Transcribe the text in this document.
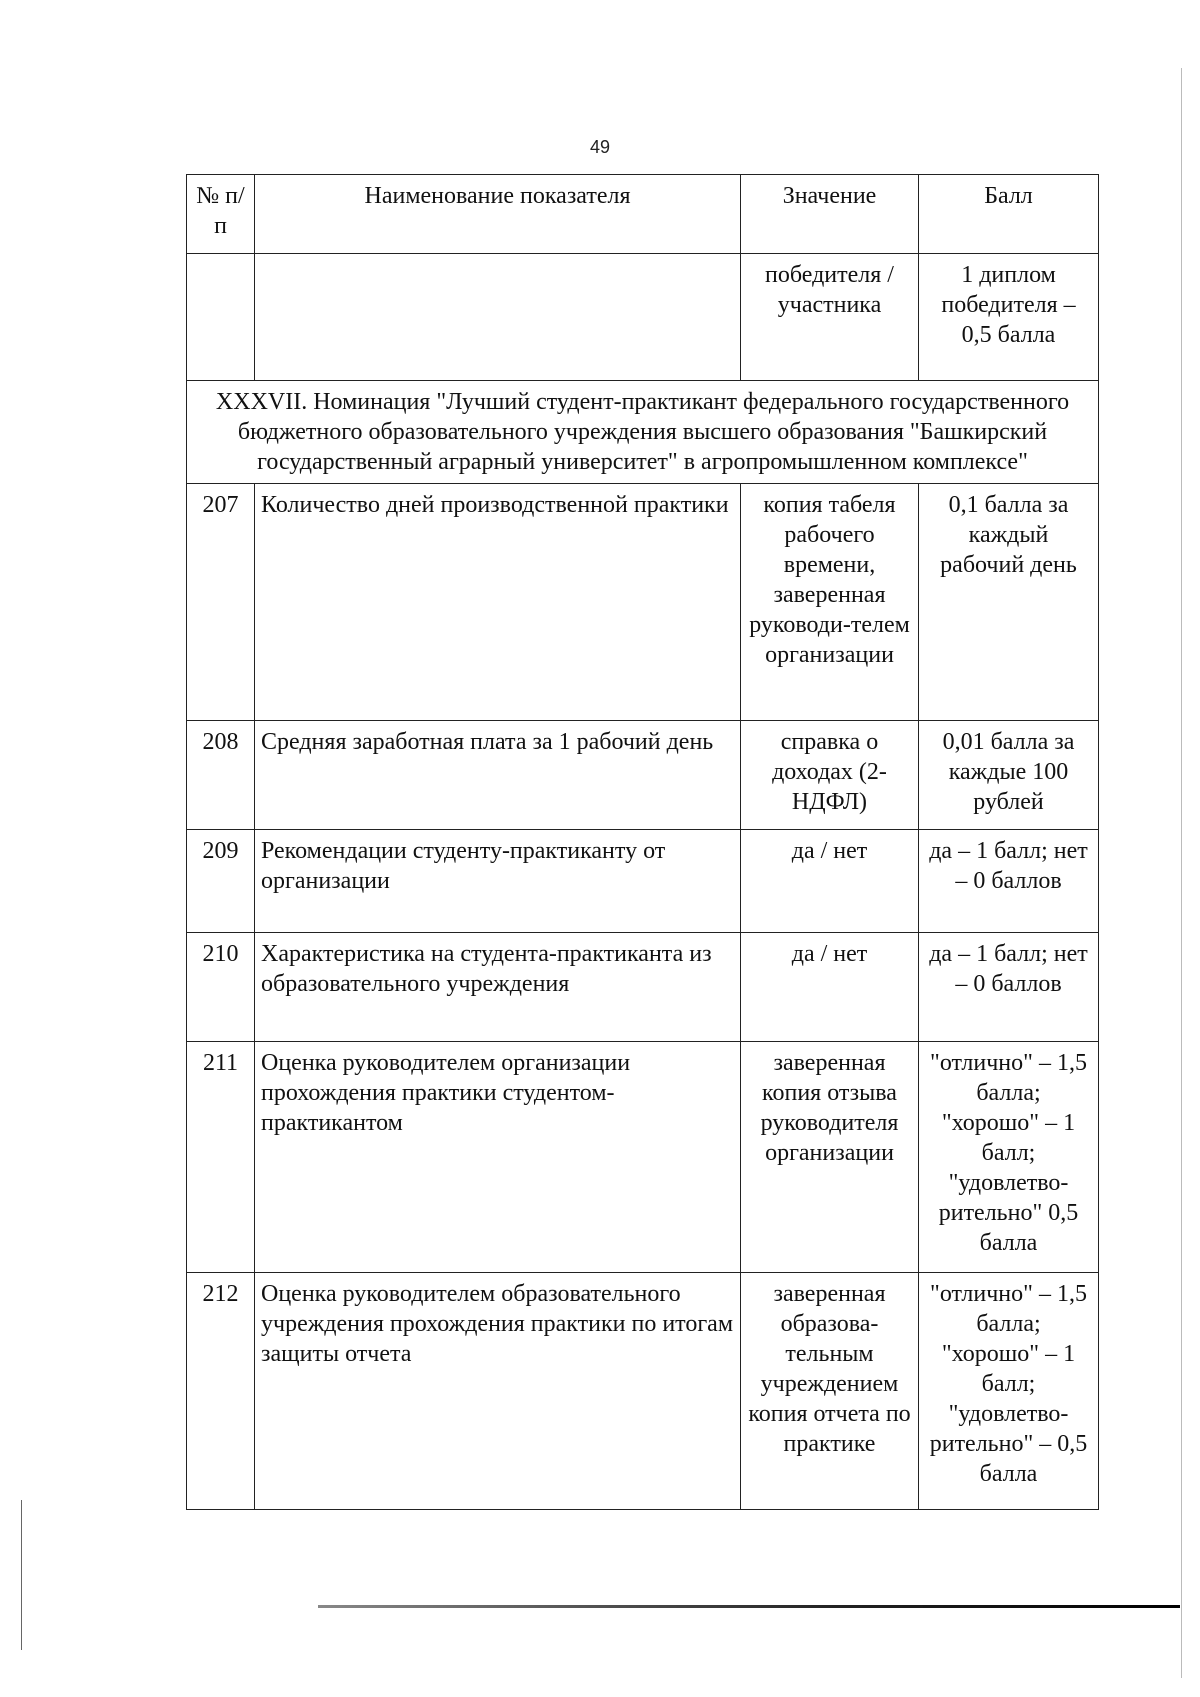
49
№ п/п	Наименование показателя	Значение	Балл
		победителя / участника	1 диплом победителя – 0,5 балла
XXXVII. Номинация "Лучший студент-практикант федерального государственного бюджетного образовательного учреждения высшего образования "Башкирский государственный аграрный университет" в агропромышленном комплексе"			
207	Количество дней производственной практики	копия табеля рабочего времени, заверенная руководи-телем организации	0,1 балла за каждый рабочий день
208	Средняя заработная плата за 1 рабочий день	справка о доходах (2-НДФЛ)	0,01 балла за каждые 100 рублей
209	Рекомендации студенту-практиканту от организации	да / нет	да – 1 балл; нет – 0 баллов
210	Характеристика на студента-практиканта из образовательного учреждения	да / нет	да – 1 балл; нет – 0 баллов
211	Оценка руководителем организации прохождения практики студентом-практикантом	заверенная копия отзыва руководителя организации	"отлично" – 1,5 балла; "хорошо" – 1 балл; "удовлетво-рительно" 0,5 балла
212	Оценка руководителем образовательного учреждения прохождения практики по итогам защиты отчета	заверенная образова-тельным учреждением копия отчета по практике	"отлично" – 1,5 балла; "хорошо" – 1 балл; "удовлетво-рительно" – 0,5 балла
